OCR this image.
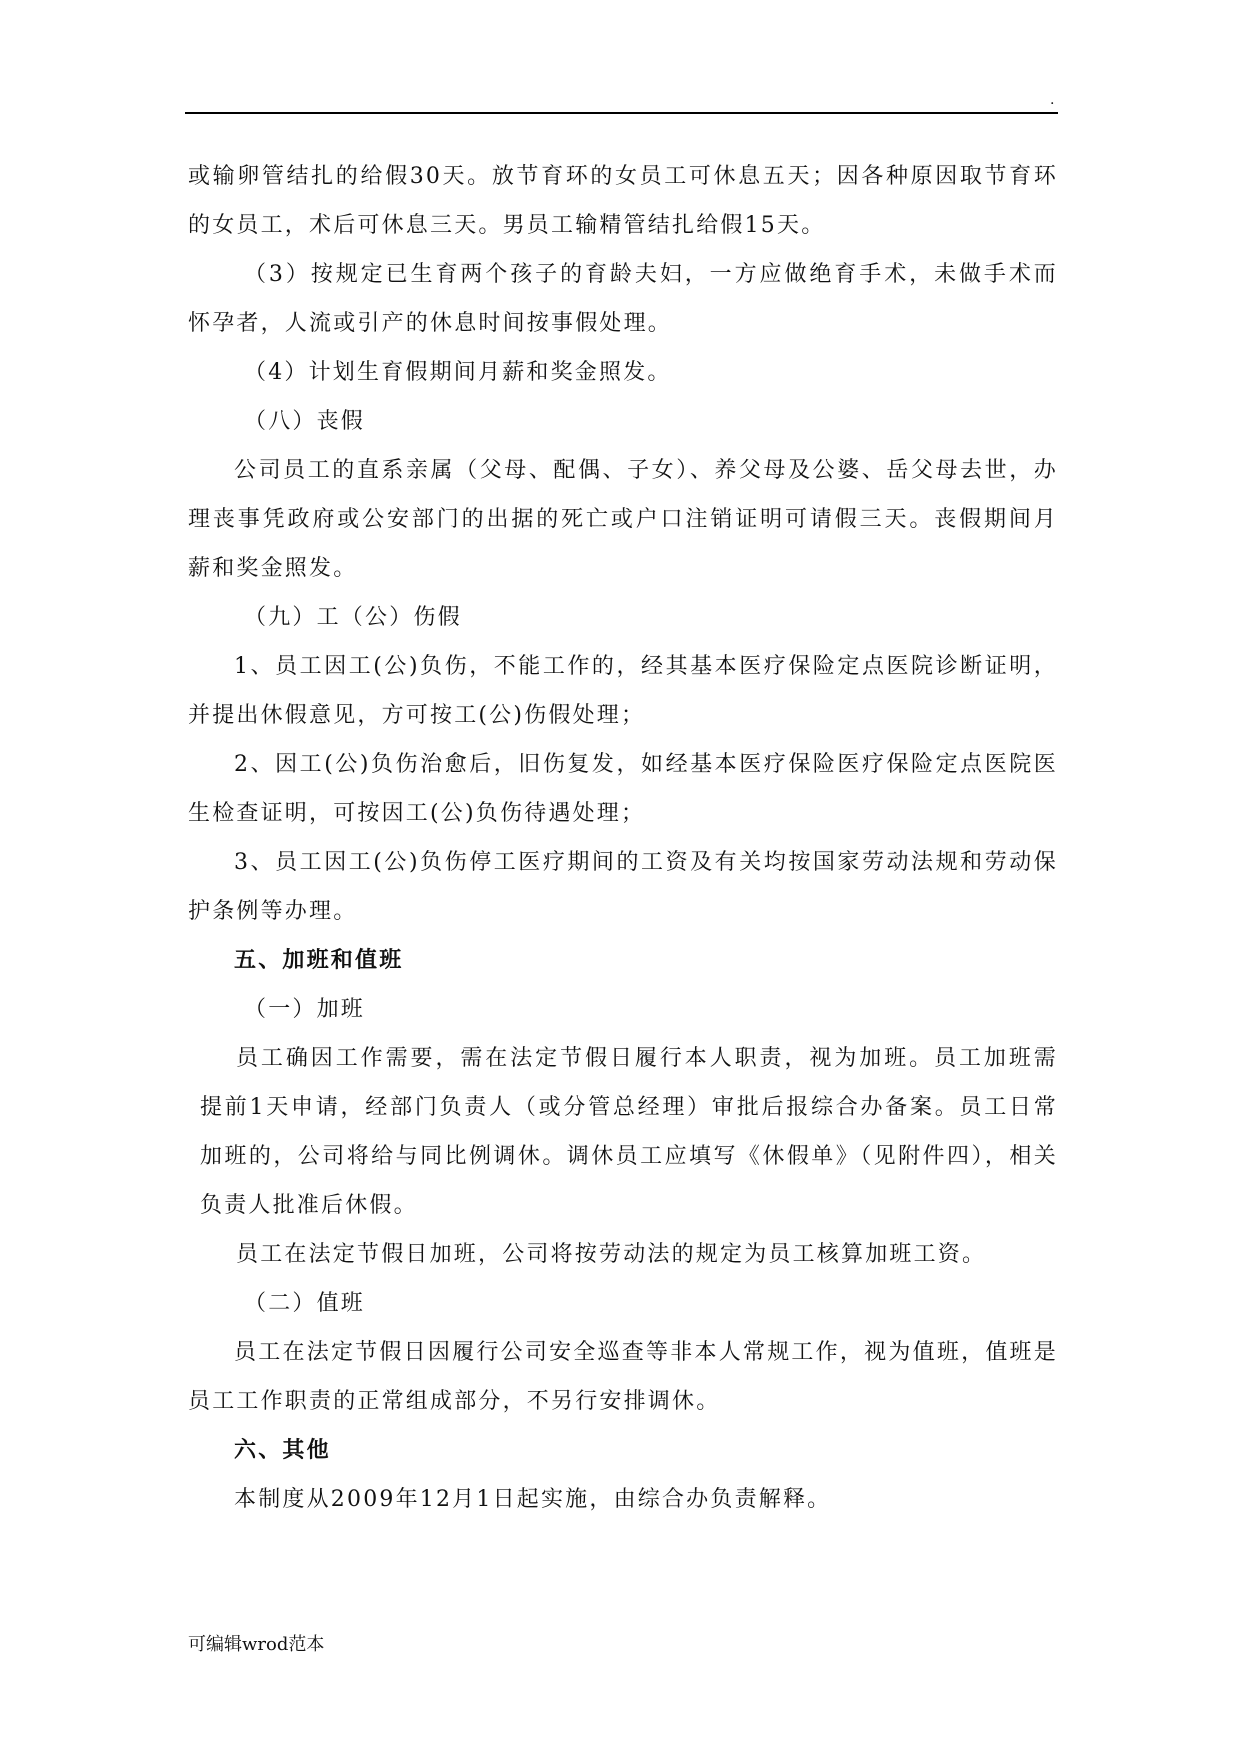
.

或输卵管结扎的给假30天。放节育环的女员工可休息五天；因各种原因取节育环的女员工，术后可休息三天。男员工输精管结扎给假15天。

（3）按规定已生育两个孩子的育龄夫妇，一方应做绝育手术，未做手术而怀孕者，人流或引产的休息时间按事假处理。

（4）计划生育假期间月薪和奖金照发。

（八）丧假

公司员工的直系亲属（父母、配偶、子女）、养父母及公婆、岳父母去世，办理丧事凭政府或公安部门的出据的死亡或户口注销证明可请假三天。丧假期间月薪和奖金照发。

（九）工（公）伤假

1、员工因工(公)负伤，不能工作的，经其基本医疗保险定点医院诊断证明，并提出休假意见，方可按工(公)伤假处理；

2、因工(公)负伤治愈后，旧伤复发，如经基本医疗保险医疗保险定点医院医生检查证明，可按因工(公)负伤待遇处理；

3、员工因工(公)负伤停工医疗期间的工资及有关均按国家劳动法规和劳动保护条例等办理。

五、加班和值班

（一）加班

员工确因工作需要，需在法定节假日履行本人职责，视为加班。员工加班需提前1天申请，经部门负责人（或分管总经理）审批后报综合办备案。员工日常加班的，公司将给与同比例调休。调休员工应填写《休假单》（见附件四），相关负责人批准后休假。

员工在法定节假日加班，公司将按劳动法的规定为员工核算加班工资。

（二）值班

员工在法定节假日因履行公司安全巡查等非本人常规工作，视为值班，值班是员工工作职责的正常组成部分，不另行安排调休。

六、其他

本制度从2009年12月1日起实施，由综合办负责解释。

可编辑wrod范本
